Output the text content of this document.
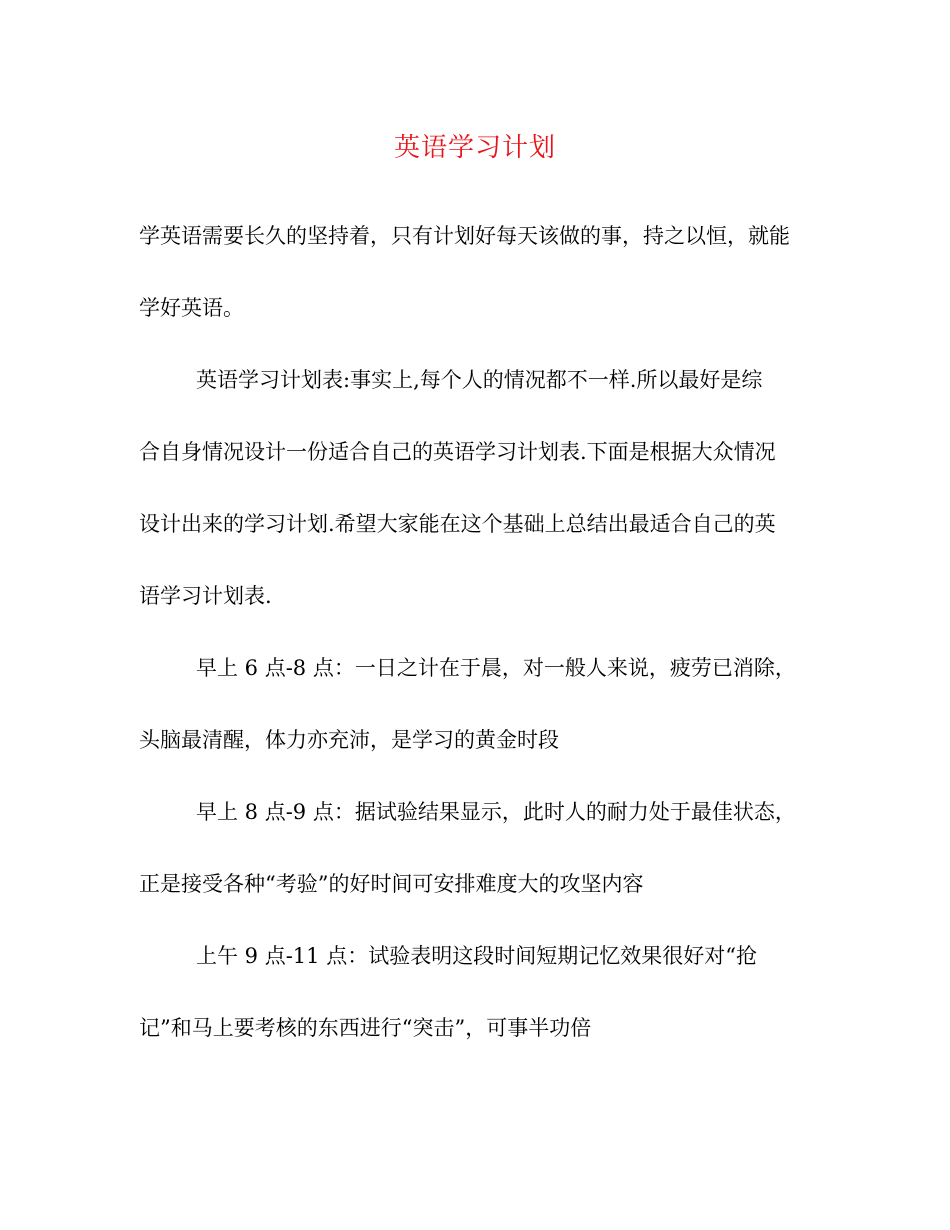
英语学习计划
学英语需要长久的坚持着，只有计划好每天该做的事，持之以恒，就能
学好英语。
英语学习计划表:事实上,每个人的情况都不一样.所以最好是综
合自身情况设计一份适合自己的英语学习计划表.下面是根据大众情况
设计出来的学习计划.希望大家能在这个基础上总结出最适合自己的英
语学习计划表.
早上 6 点-8 点：一日之计在于晨，对一般人来说，疲劳已消除，
头脑最清醒，体力亦充沛，是学习的黄金时段
早上 8 点-9 点：据试验结果显示，此时人的耐力处于最佳状态，
正是接受各种“考验”的好时间可安排难度大的攻坚内容
上午 9 点-11 点：试验表明这段时间短期记忆效果很好对“抢
记”和马上要考核的东西进行“突击”，可事半功倍
